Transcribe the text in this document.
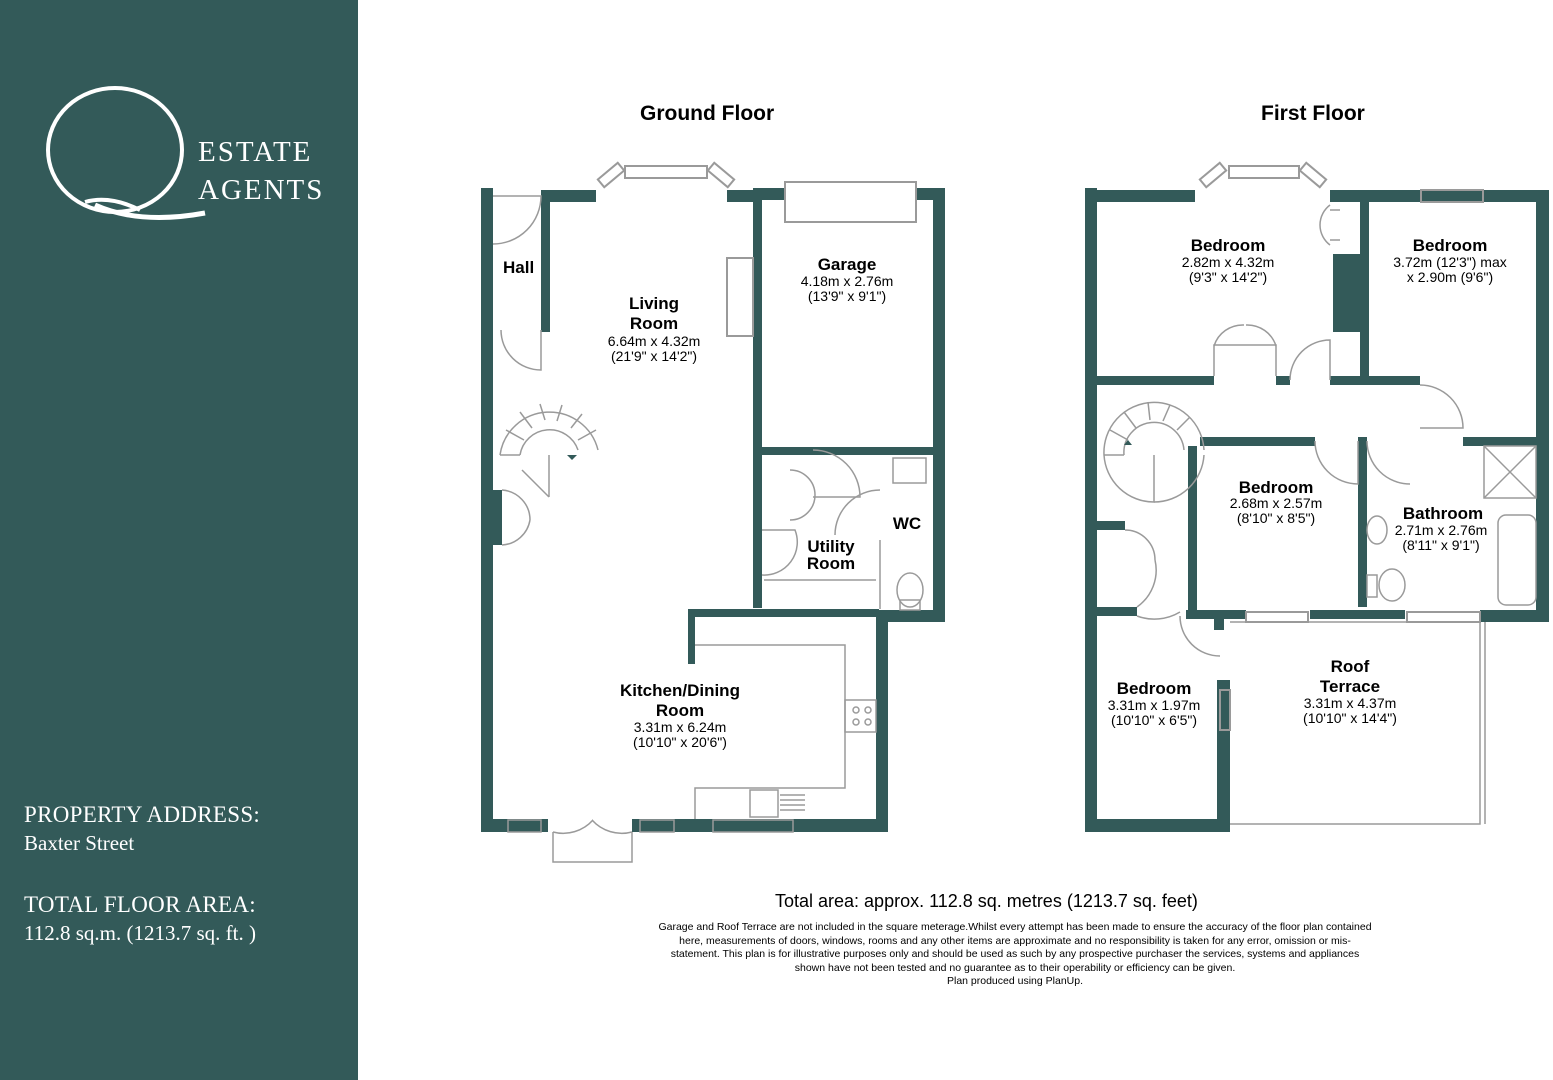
ESTATE
AGENTS
PROPERTY ADDRESS:
Baxter Street
TOTAL FLOOR AREA:
112.8 sq.m. (1213.7 sq. ft. )
Ground Floor	First Floor
Hall
Living
Room
6.64m x 4.32m
(21'9" x 14'2")
Garage
4.18m x 2.76m
(13'9" x 9'1")
WC
Utility
Room
Kitchen/Dining
Room
3.31m x 6.24m
(10'10" x 20'6")
Bedroom
2.82m x 4.32m
(9'3" x 14'2")
Bedroom
3.72m (12'3") max
x 2.90m (9'6")
Bedroom
2.68m x 2.57m
(8'10" x 8'5")	Bathroom
2.71m x 2.76m
(8'11" x 9'1")
Bedroom
3.31m x 1.97m
(10'10" x 6'5")
Roof
Terrace
3.31m x 4.37m
(10'10" x 14'4")
Total area: approx. 112.8 sq. metres (1213.7 sq. feet)
Garage and Roof Terrace are not included in the square meterage.Whilst every attempt has been made to ensure the accuracy of the floor plan contained
here, measurements of doors, windows, rooms and any other items are approximate and no responsibility is taken for any error, omission or mis-
statement. This plan is for illustrative purposes only and should be used as such by any prospective purchaser the services, systems and appliances
shown have not been tested and no guarantee as to their operability or efficiency can be given.
Plan produced using PlanUp.
